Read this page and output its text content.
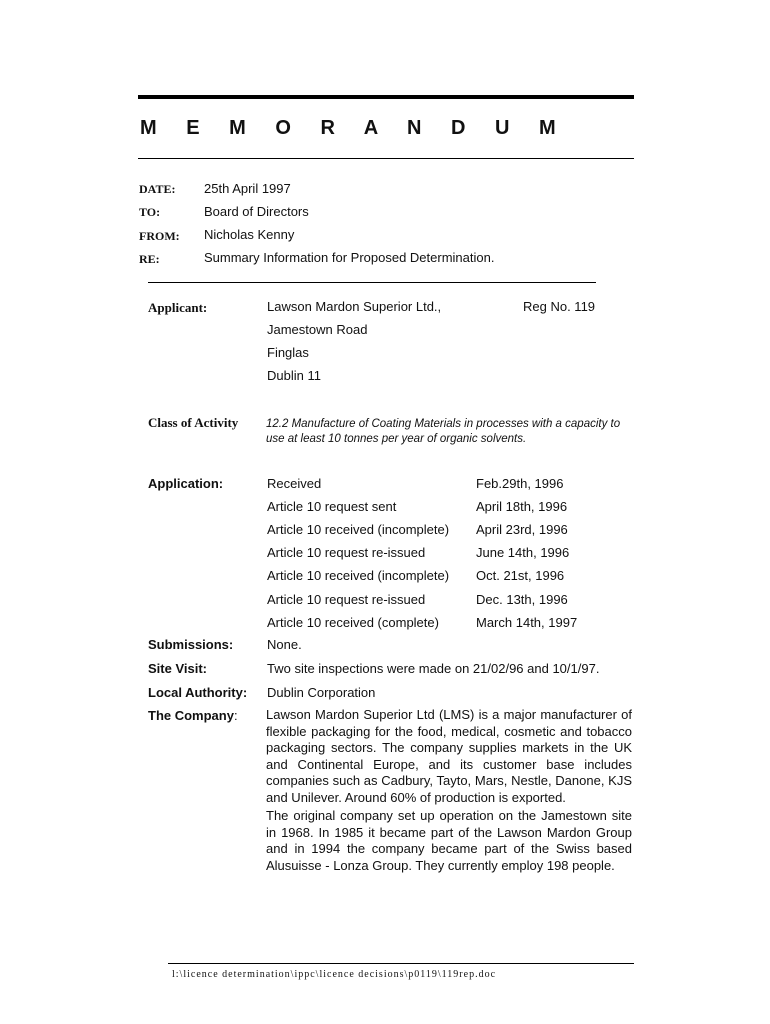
M E M O R A N D U M
DATE: 25th April 1997
TO:	Board of Directors
FROM: Nicholas Kenny
RE:	Summary Information for Proposed Determination.
Applicant:	Lawson Mardon Superior Ltd.,	Reg No. 119
Jamestown Road
Finglas
Dublin 11
Class of Activity 12.2 Manufacture of Coating Materials in processes with a capacity to use at least 10 tonnes per year of organic solvents.
Application:	Received	Feb.29th, 1996
Article 10 request sent	April 18th, 1996
Article 10 received (incomplete) April 23rd, 1996
Article 10 request re-issued	June 14th, 1996
Article 10 received (incomplete) Oct. 21st, 1996
Article 10 request re-issued	Dec. 13th, 1996
Article 10 received (complete)	March 14th, 1997
Submissions:	None.
Site Visit:	Two site inspections were made on 21/02/96 and 10/1/97.
Local Authority: Dublin Corporation
The Company: Lawson Mardon Superior Ltd (LMS) is a major manufacturer of flexible packaging for the food, medical, cosmetic and tobacco packaging sectors. The company supplies markets in the UK and Continental Europe, and its customer base includes companies such as Cadbury, Tayto, Mars, Nestle, Danone, KJS and Unilever. Around 60% of production is exported.
The original company set up operation on the Jamestown site in 1968. In 1985 it became part of the Lawson Mardon Group and in 1994 the company became part of the Swiss based Alusuisse - Lonza Group. They currently employ 198 people.
l:\licence determination\ippc\licence decisions\p0119\119rep.doc
